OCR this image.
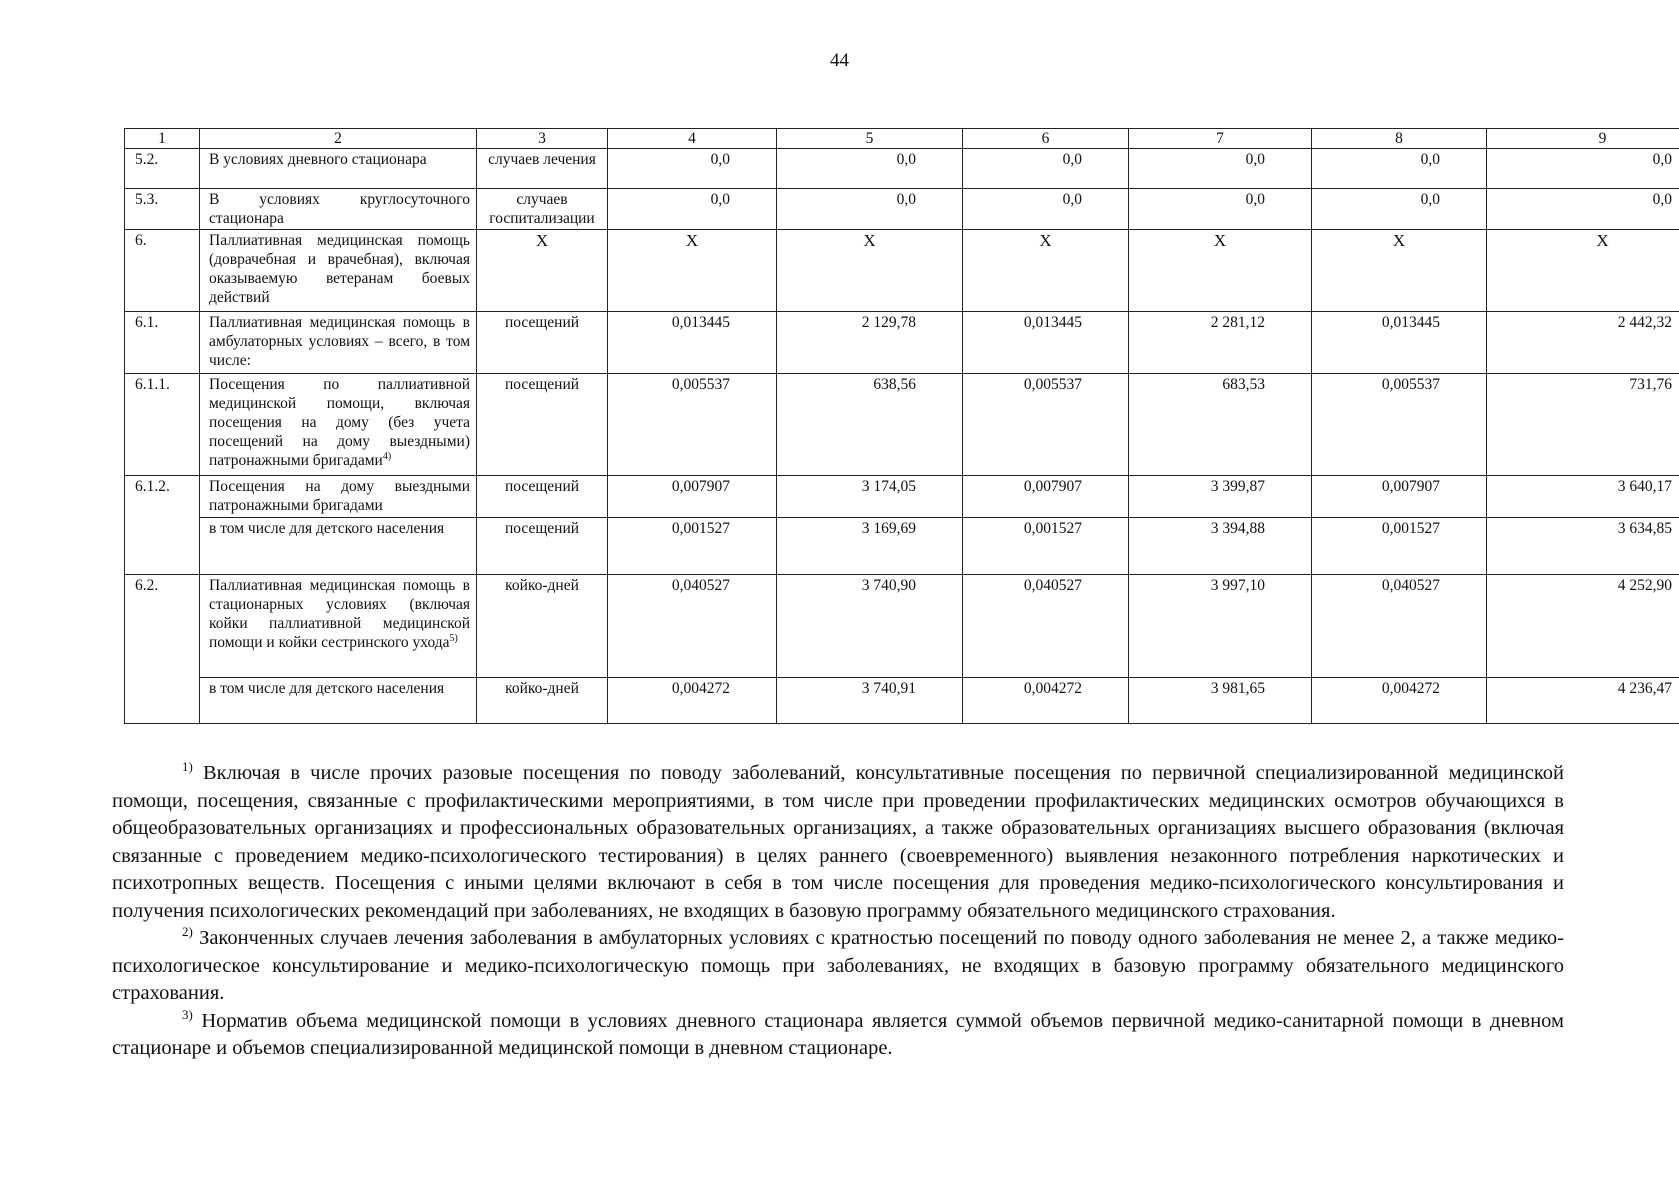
44
1	2	3	4	5	6	7	8	9
5.2.	В условиях дневного стационара	случаев лечения	0,0	0,0	0,0	0,0	0,0	0,0
5.3.	В условиях круглосуточного стационара	случаев госпитализации	0,0	0,0	0,0	0,0	0,0	0,0
6.	Паллиативная медицинская помощь (доврачебная и врачебная), включая оказываемую ветеранам боевых действий	Х	Х	Х	Х	Х	Х	Х
6.1.	Паллиативная медицинская помощь в амбулаторных условиях – всего, в том числе:	посещений	0,013445	2 129,78	0,013445	2 281,12	0,013445	2 442,32
6.1.1.	Посещения по паллиативной медицинской помощи, включая посещения на дому (без учета посещений на дому выездными) патронажными бригадами$^{4)}$	посещений	0,005537	638,56	0,005537	683,53	0,005537	731,76
6.1.2.	Посещения на дому выездными патронажными бригадами	посещений	0,007907	3 174,05	0,007907	3 399,87	0,007907	3 640,17
	в том числе для детского населения	посещений	0,001527	3 169,69	0,001527	3 394,88	0,001527	3 634,85
6.2.	Паллиативная медицинская помощь в стационарных условиях (включая койки паллиативной медицинской помощи и койки сестринского ухода$^{5)}$	койко-дней	0,040527	3 740,90	0,040527	3 997,10	0,040527	4 252,90
	в том числе для детского населения	койко-дней	0,004272	3 740,91	0,004272	3 981,65	0,004272	4 236,47

$^{1)}$ Включая в числе прочих разовые посещения по поводу заболеваний, консультативные посещения по первичной специализированной медицинской помощи, посещения, связанные с профилактическими мероприятиями, в том числе при проведении профилактических медицинских осмотров обучающихся в общеобразовательных организациях и профессиональных образовательных организациях, а также образовательных организациях высшего образования (включая связанные с проведением медико-психологического тестирования) в целях раннего (своевременного) выявления незаконного потребления наркотических и психотропных веществ. Посещения с иными целями включают в себя в том числе посещения для проведения медико-психологического консультирования и получения психологических рекомендаций при заболеваниях, не входящих в базовую программу обязательного медицинского страхования.

$^{2)}$ Законченных случаев лечения заболевания в амбулаторных условиях с кратностью посещений по поводу одного заболевания не менее 2, а также медико-психологическое консультирование и медико-психологическую помощь при заболеваниях, не входящих в базовую программу обязательного медицинского страхования.

$^{3)}$ Норматив объема медицинской помощи в условиях дневного стационара является суммой объемов первичной медико-санитарной помощи в дневном стационаре и объемов специализированной медицинской помощи в дневном стационаре.
